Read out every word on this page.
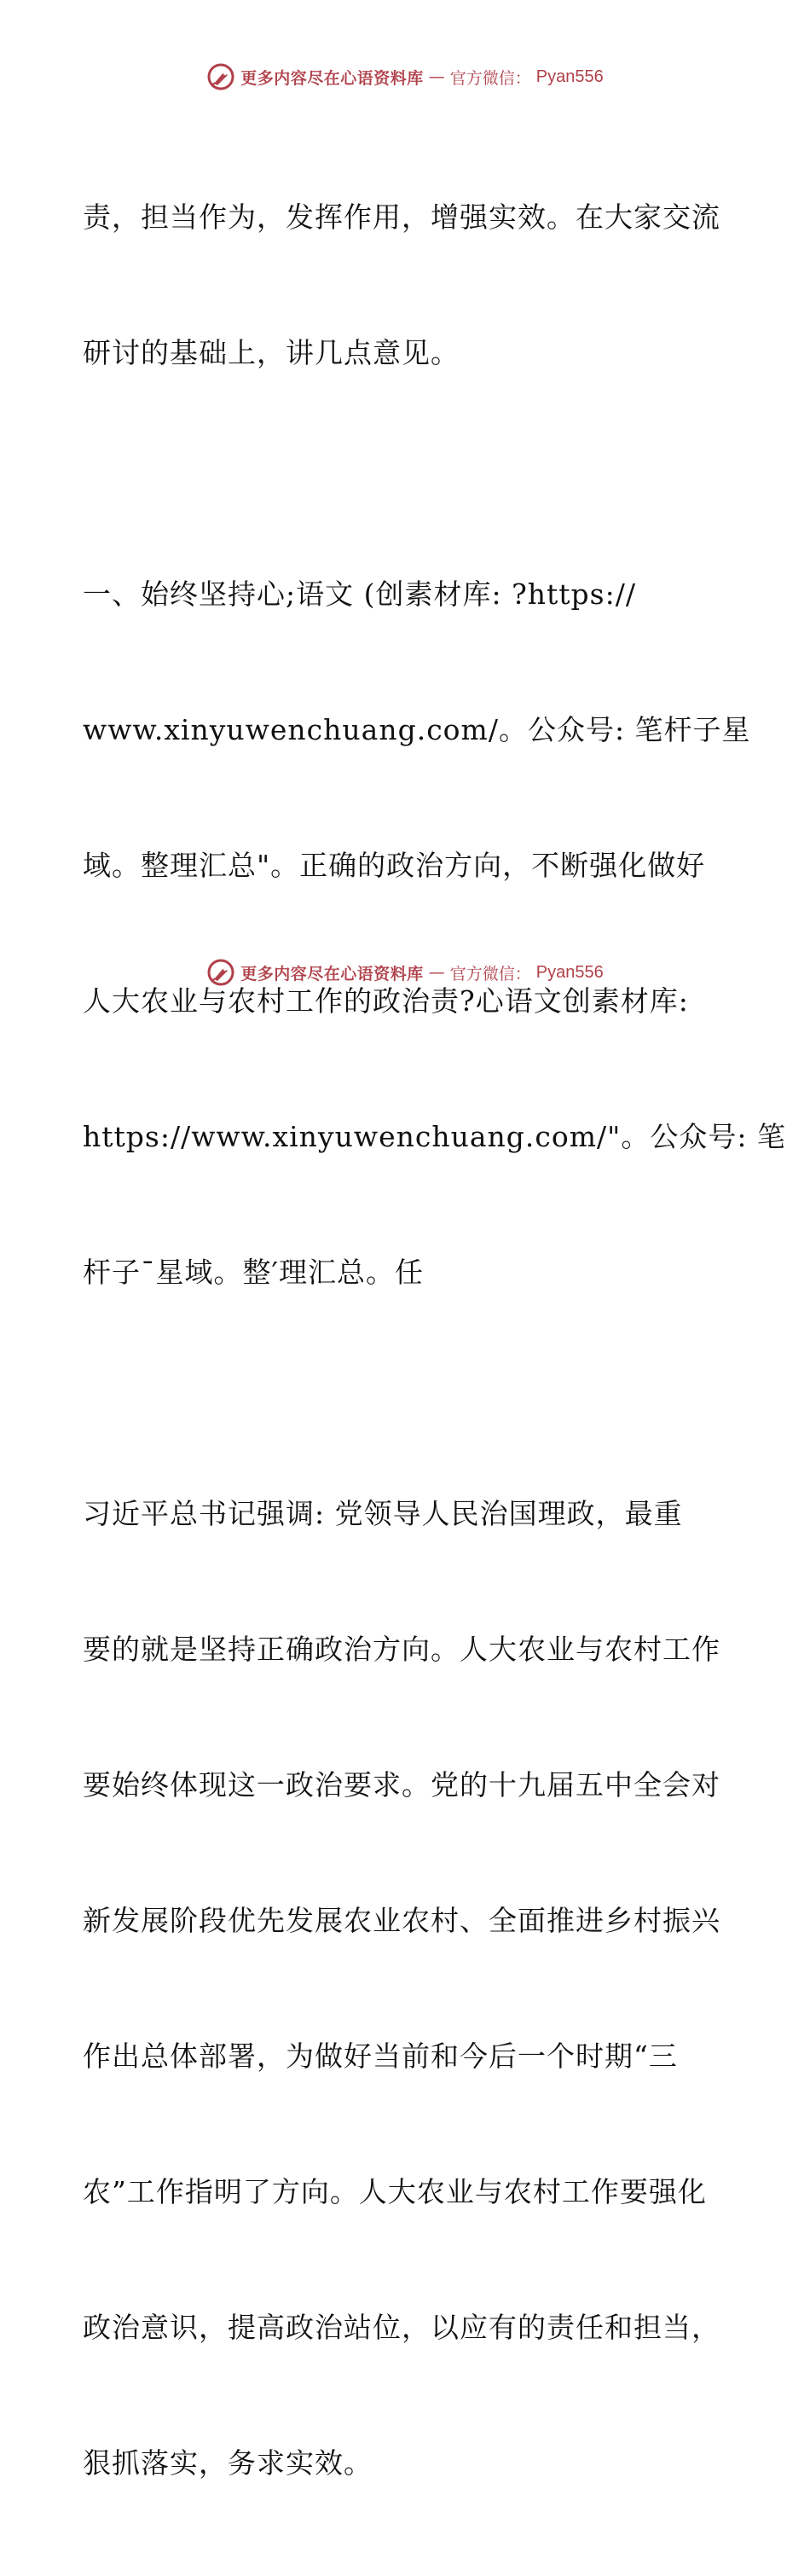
更多内容尽在心语资料库 — 官方微信： Pyan556

责，担当作为，发挥作用，增强实效。在大家交流

研讨的基础上，讲几点意见。

一、始终坚持心;语文 (创素材库: ?https://

www.xinyuwenchuang.com/。公众号: 笔杆子星

域。整理汇总"。正确的政治方向，不断强化做好

人大农业与农村工作的政治责?心语文创素材库:

https://www.xinyuwenchuang.com/"。公众号: 笔

杆子¯星域。整′理汇总。任

习近平总书记强调: 党领导人民治国理政，最重

要的就是坚持正确政治方向。人大农业与农村工作

要始终体现这一政治要求。党的十九届五中全会对

新发展阶段优先发展农业农村、全面推进乡村振兴

作出总体部署，为做好当前和今后一个时期“三

农”工作指明了方向。人大农业与农村工作要强化

政治意识，提高政治站位，以应有的责任和担当，

狠抓落实，务求实效。

更多内容尽在心语资料库 — 官方微信： Pyan556
